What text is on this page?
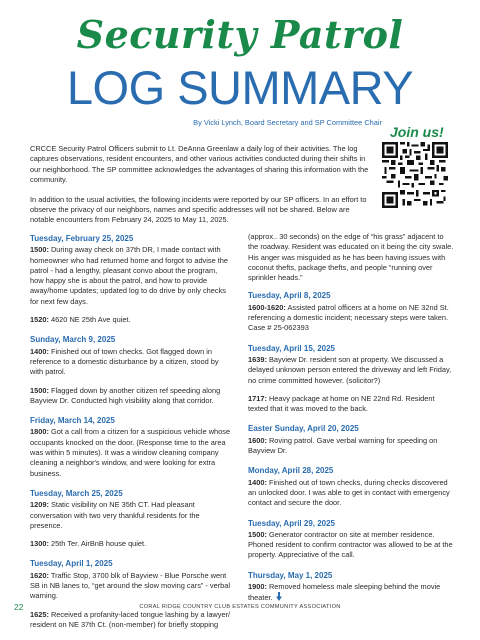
Security Patrol
LOG SUMMARY
By Vicki Lynch, Board Secretary and SP Committee Chair
Join us!

CRCCE Security Patrol Officers submit to Lt. DeAnna Greenlaw a daily log of their activities. The log captures observations, resident encounters, and other various activities conducted during their shifts in our neighborhood. The SP committee acknowledges the advantages of sharing this information with the community.

In addition to the usual activities, the following incidents were reported by our SP officers. In an effort to observe the privacy of our neighbors, names and specific addresses will not be shared. Below are notable encounters from February 24, 2025 to May 11, 2025.

Tuesday, February 25, 2025

1500: During away check on 37th DR, I made contact with homeowner who had returned home and forgot to advise the patrol - had a lengthy, pleasant convo about the program, how happy she is about the patrol, and how to provide away/home updates; updated log to do drive by only checks for next few days.

1520: 4620 NE 25th Ave quiet.

Sunday, March 9, 2025

1400: Finished out of town checks. Got flagged down in reference to a domestic disturbance by a citizen, stood by with patrol.

1500: Flagged down by another citizen ref speeding along Bayview Dr. Conducted high visibility along that corridor.

Friday, March 14, 2025

1800: Got a call from a citizen for a suspicious vehicle whose occupants knocked on the door. (Response time to the area was within 5 minutes). It was a window cleaning company cleaning a neighbor's window, and were looking for extra business.

Tuesday, March 25, 2025

1209: Static visibility on NE 35th CT. Had pleasant conversation with two very thankful residents for the presence.

1300: 25th Ter. AirBnB house quiet.

Tuesday, April 1, 2025

1620: Traffic Stop, 3700 blk of Bayview - Blue Porsche went SB in NB lanes to, “get around the slow moving cars” - verbal warning.

1625: Received a profanity-laced tongue lashing by a lawyer/ resident on NE 37th Ct. (non-member) for briefly stopping

(approx.. 30 seconds) on the edge of “his grass” adjacent to the roadway. Resident was educated on it being the city swale. His anger was misguided as he has been having issues with coconut thefts, package thefts, and people “running over sprinkler heads.”

Tuesday, April 8, 2025

1600-1620: Assisted patrol officers at a home on NE 32nd St. referencing a domestic incident; necessary steps were taken. Case # 25-062393

Tuesday, April 15, 2025

1639: Bayview Dr. resident son at property. We discussed a delayed unknown person entered the driveway and left Friday, no crime committed however. (solicitor?)

1717: Heavy package at home on NE 22nd Rd. Resident texted that it was moved to the back.

Easter Sunday, April 20, 2025

1600: Roving patrol. Gave verbal warning for speeding on Bayview Dr.

Monday, April 28, 2025

1400: Finished out of town checks, during checks discovered an unlocked door. I was able to get in contact with emergency contact and secure the door.

Tuesday, April 29, 2025

1500: Generator contractor on site at member residence. Phoned resident to confirm contractor was allowed to be at the property. Appreciative of the call.

Thursday, May 1, 2025

1900: Removed homeless male sleeping behind the movie theater.

22	CORAL RIDGE COUNTRY CLUB ESTATES COMMUNITY ASSOCIATION
